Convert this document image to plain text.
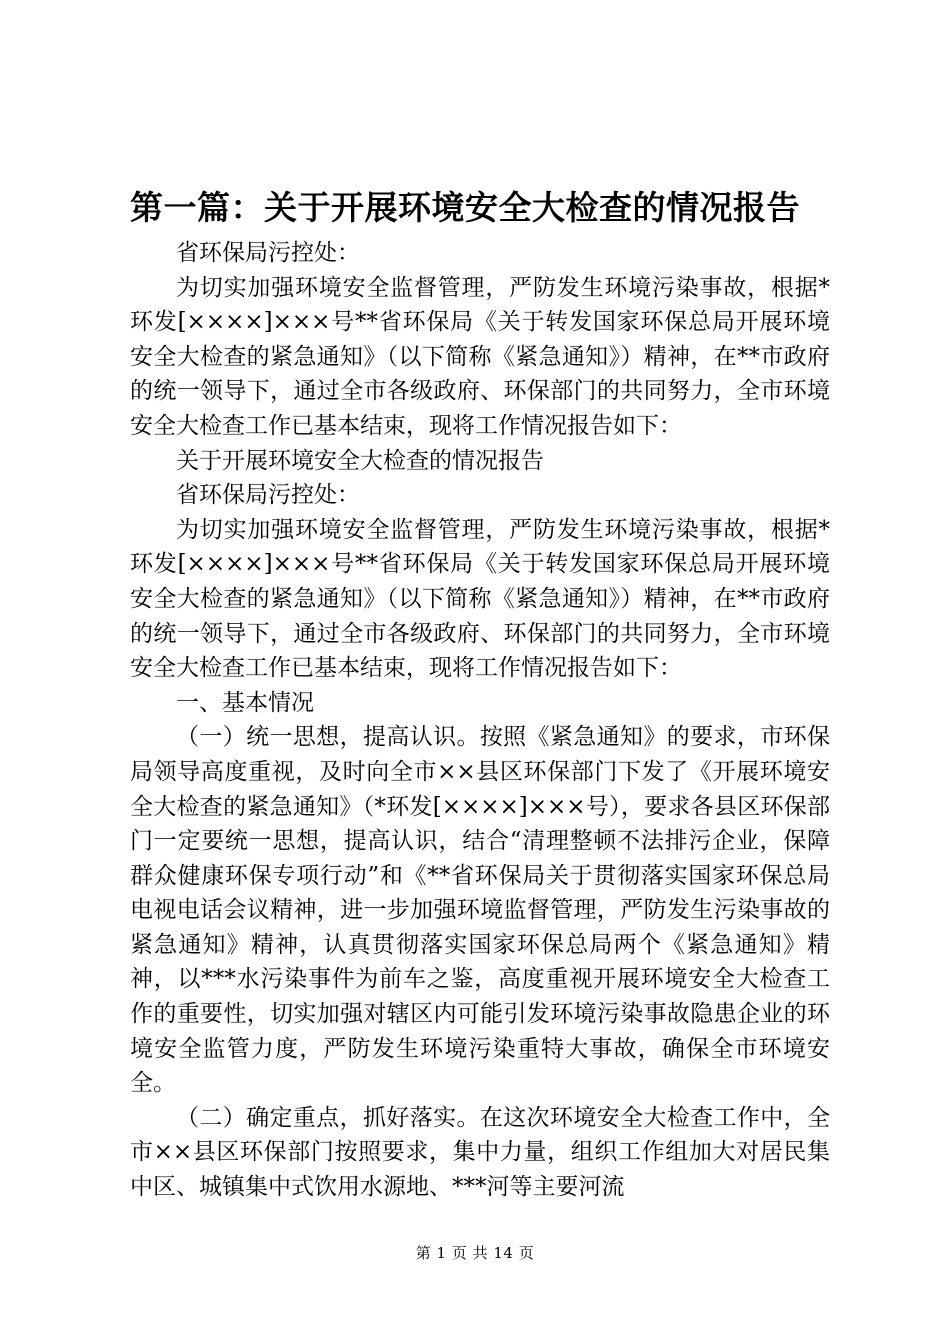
第一篇：关于开展环境安全大检查的情况报告

省环保局污控处：

为切实加强环境安全监督管理，严防发生环境污染事故，根据*环发[××××]×××号**省环保局《关于转发国家环保总局开展环境安全大检查的紧急通知》（以下简称《紧急通知》）精神，在**市政府的统一领导下，通过全市各级政府、环保部门的共同努力，全市环境安全大检查工作已基本结束，现将工作情况报告如下：

关于开展环境安全大检查的情况报告

省环保局污控处：

为切实加强环境安全监督管理，严防发生环境污染事故，根据*环发[××××]×××号**省环保局《关于转发国家环保总局开展环境安全大检查的紧急通知》（以下简称《紧急通知》）精神，在**市政府的统一领导下，通过全市各级政府、环保部门的共同努力，全市环境安全大检查工作已基本结束，现将工作情况报告如下：

一、基本情况

（一）统一思想，提高认识。按照《紧急通知》的要求，市环保局领导高度重视，及时向全市××县区环保部门下发了《开展环境安全大检查的紧急通知》（*环发[××××]×××号），要求各县区环保部门一定要统一思想，提高认识，结合“清理整顿不法排污企业，保障群众健康环保专项行动”和《**省环保局关于贯彻落实国家环保总局电视电话会议精神，进一步加强环境监督管理，严防发生污染事故的紧急通知》精神，认真贯彻落实国家环保总局两个《紧急通知》精神，以***水污染事件为前车之鉴，高度重视开展环境安全大检查工作的重要性，切实加强对辖区内可能引发环境污染事故隐患企业的环境安全监管力度，严防发生环境污染重特大事故，确保全市环境安全。

（二）确定重点，抓好落实。在这次环境安全大检查工作中，全市××县区环保部门按照要求，集中力量，组织工作组加大对居民集中区、城镇集中式饮用水源地、***河等主要河流

第 1 页 共 14 页
